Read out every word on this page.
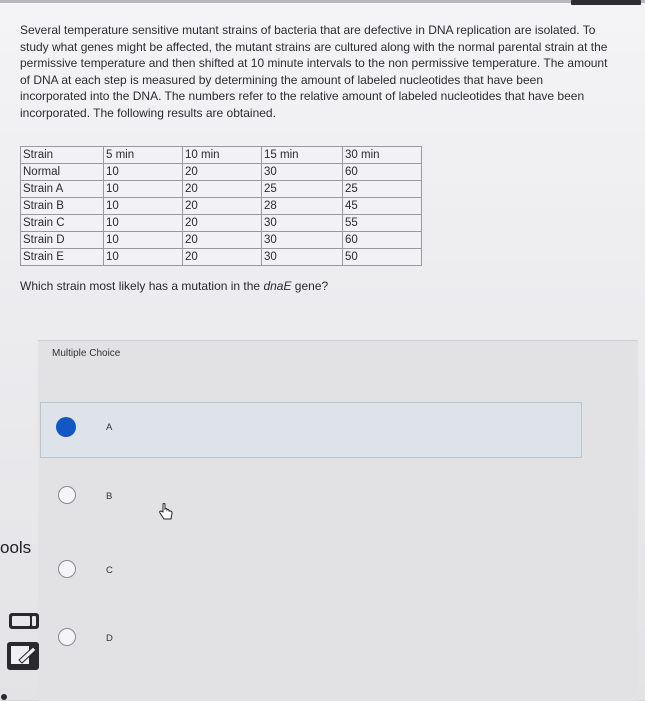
Several temperature sensitive mutant strains of bacteria that are defective in DNA replication are isolated. To study what genes might be affected, the mutant strains are cultured along with the normal parental strain at the permissive temperature and then shifted at 10 minute intervals to the non permissive temperature. The amount of DNA at each step is measured by determining the amount of labeled nucleotides that have been incorporated into the DNA. The numbers refer to the relative amount of labeled nucleotides that have been incorporated. The following results are obtained.

Strain	5 min	10 min	15 min	30 min
Normal	10	20	30	60
Strain A	10	20	25	25
Strain B	10	20	28	45
Strain C	10	20	30	55
Strain D	10	20	30	60
Strain E	10	20	30	50
Which strain most likely has a mutation in the dnaE gene?
Multiple Choice
A
B
C
D
ools
